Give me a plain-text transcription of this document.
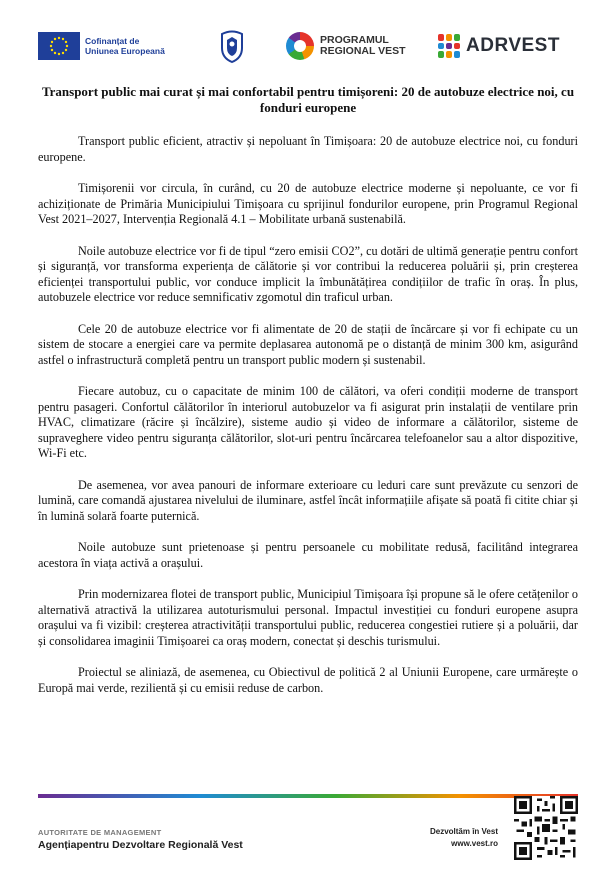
Cofinanțat de
Uniunea Europeană
PROGRAMUL
REGIONAL VEST	ADRVEST
Transport public mai curat și mai confortabil pentru timișoreni: 20 de autobuze electrice noi, cu fonduri europene

Transport public eficient, atractiv și nepoluant în Timișoara: 20 de autobuze electrice noi, cu fonduri europene.

Timișorenii vor circula, în curând, cu 20 de autobuze electrice moderne și nepoluante, ce vor fi achiziționate de Primăria Municipiului Timișoara cu sprijinul fondurilor europene, prin Programul Regional Vest 2021–2027, Intervenția Regională 4.1 – Mobilitate urbană sustenabilă.

Noile autobuze electrice vor fi de tipul “zero emisii CO2”, cu dotări de ultimă generație pentru confort și siguranță, vor transforma experiența de călătorie și vor contribui la reducerea poluării și, prin creșterea eficienței transportului public, vor conduce implicit la îmbunătățirea condițiilor de trafic în oraș. În plus, autobuzele electrice vor reduce semnificativ zgomotul din traficul urban.

Cele 20 de autobuze electrice vor fi alimentate de 20 de stații de încărcare și vor fi echipate cu un sistem de stocare a energiei care va permite deplasarea autonomă pe o distanță de minim 300 km, asigurând astfel o infrastructură completă pentru un transport public modern și sustenabil.

Fiecare autobuz, cu o capacitate de minim 100 de călători, va oferi condiții moderne de transport pentru pasageri. Confortul călătorilor în interiorul autobuzelor va fi asigurat prin instalații de ventilare prin HVAC, climatizare (răcire și încălzire), sisteme audio și video de informare a călătorilor, sisteme de supraveghere video pentru siguranța călătorilor, slot-uri pentru încărcarea telefoanelor sau a altor dispozitive, Wi-Fi etc.

De asemenea, vor avea panouri de informare exterioare cu leduri care sunt prevăzute cu senzori de lumină, care comandă ajustarea nivelului de iluminare, astfel încât informațiile afișate să poată fi citite chiar și în lumină solară foarte puternică.

Noile autobuze sunt prietenoase și pentru persoanele cu mobilitate redusă, facilitând integrarea acestora în viața activă a orașului.

Prin modernizarea flotei de transport public, Municipiul Timișoara își propune să le ofere cetățenilor o alternativă atractivă la utilizarea autoturismului personal. Impactul investiției cu fonduri europene asupra orașului va fi vizibil: creșterea atractivității transportului public, reducerea congestiei rutiere și a poluării, dar și consolidarea imaginii Timișoarei ca oraș modern, conectat și deschis turismului.

Proiectul se aliniază, de asemenea, cu Obiectivul de politică 2 al Uniunii Europene, care urmărește o Europă mai verde, rezilientă și cu emisii reduse de carbon.

AUTORITATE DE MANAGEMENT
Agențiapentru Dezvoltare Regională Vest
Dezvoltăm în Vest
www.vest.ro
